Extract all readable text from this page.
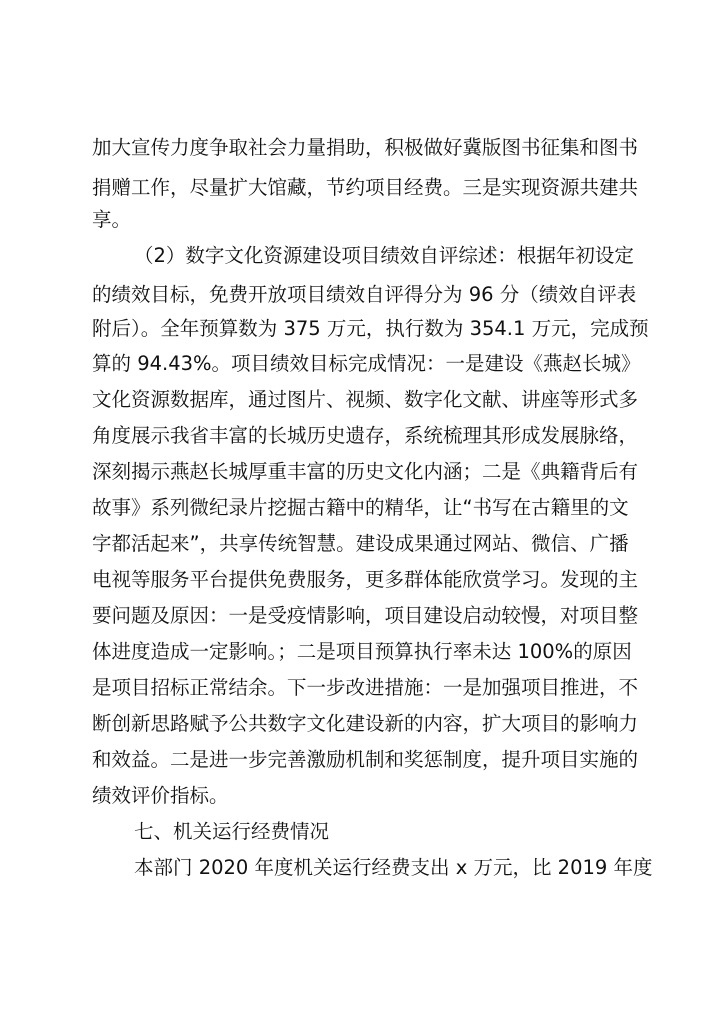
加大宣传力度争取社会力量捐助，积极做好冀版图书征集和图书
捐赠工作，尽量扩大馆藏，节约项目经费。三是实现资源共建共
享。
（2）数字文化资源建设项目绩效自评综述：根据年初设定
的绩效目标，免费开放项目绩效自评得分为 96 分（绩效自评表
附后）。全年预算数为 375 万元，执行数为 354.1 万元，完成预
算的 94.43%。项目绩效目标完成情况：一是建设《燕赵长城》
文化资源数据库，通过图片、视频、数字化文献、讲座等形式多
角度展示我省丰富的长城历史遗存，系统梳理其形成发展脉络，
深刻揭示燕赵长城厚重丰富的历史文化内涵；二是《典籍背后有
故事》系列微纪录片挖掘古籍中的精华，让“书写在古籍里的文
字都活起来”，共享传统智慧。建设成果通过网站、微信、广播
电视等服务平台提供免费服务，更多群体能欣赏学习。发现的主
要问题及原因：一是受疫情影响，项目建设启动较慢，对项目整
体进度造成一定影响。；二是项目预算执行率未达 100%的原因
是项目招标正常结余。下一步改进措施：一是加强项目推进，不
断创新思路赋予公共数字文化建设新的内容，扩大项目的影响力
和效益。二是进一步完善激励机制和奖惩制度，提升项目实施的
绩效评价指标。
七、机关运行经费情况
本部门 2020 年度机关运行经费支出 x 万元，比 2019 年度
